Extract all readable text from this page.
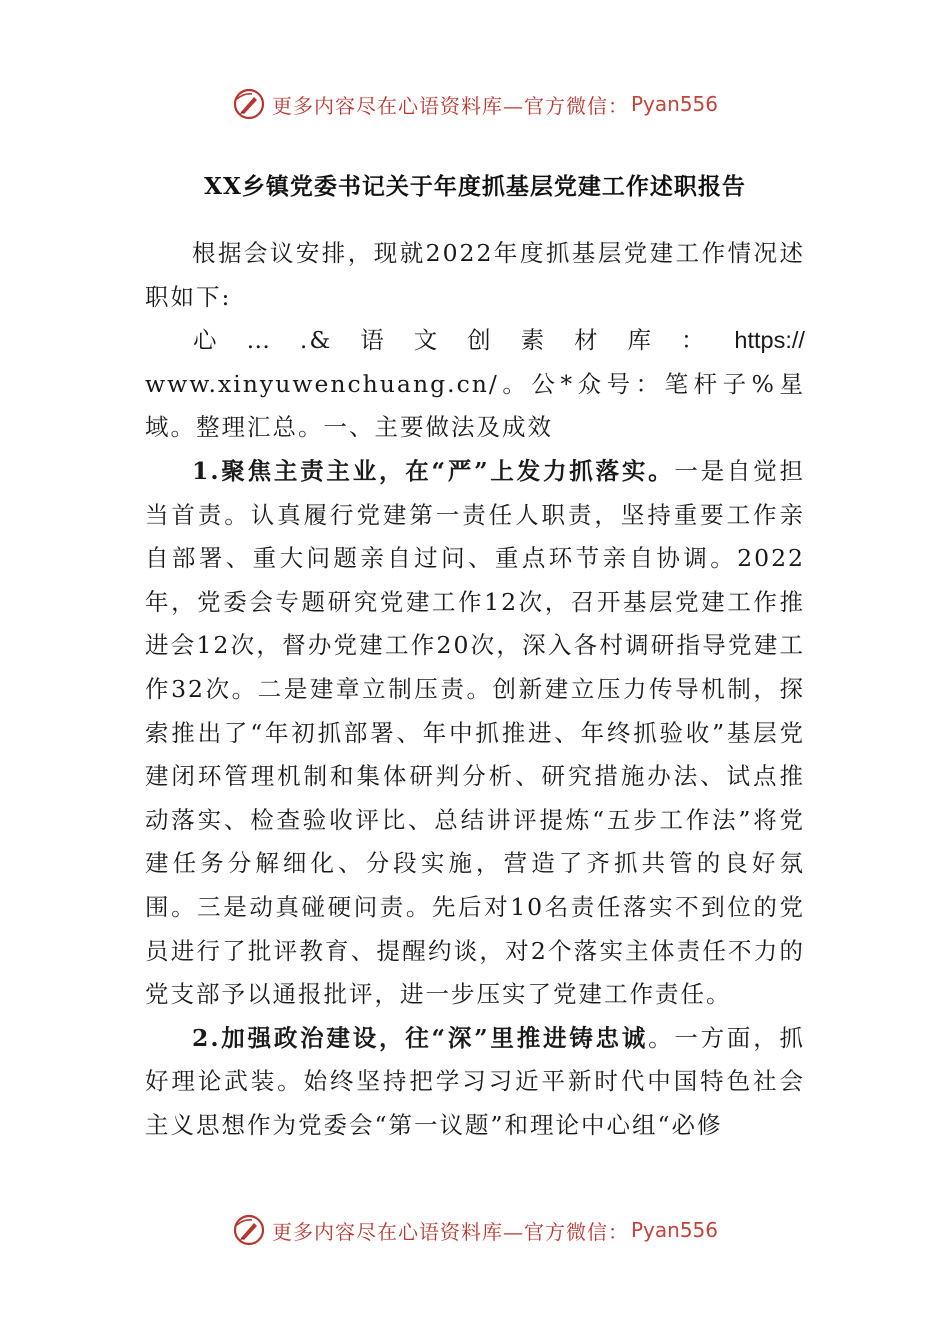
更多内容尽在心语资料库—官方微信： Pyan556
XX乡镇党委书记关于年度抓基层党建工作述职报告

根据会议安排，现就2022年度抓基层党建工作情况述职如下:

心 … .& 语 文 创 素 材 库 ： https://

www.xinyuwenchuang.cn/。公*众号：笔杆子%星域。整理汇总。一、主要做法及成效

1.聚焦主责主业，在“严”上发力抓落实。一是自觉担当首责。认真履行党建第一责任人职责，坚持重要工作亲自部署、重大问题亲自过问、重点环节亲自协调。2022年，党委会专题研究党建工作12次，召开基层党建工作推进会12次，督办党建工作20次，深入各村调研指导党建工作32次。二是建章立制压责。创新建立压力传导机制，探索推出了“年初抓部署、年中抓推进、年终抓验收”基层党建闭环管理机制和集体研判分析、研究措施办法、试点推动落实、检查验收评比、总结讲评提炼“五步工作法”将党建任务分解细化、分段实施，营造了齐抓共管的良好氛围。三是动真碰硬问责。先后对10名责任落实不到位的党员进行了批评教育、提醒约谈，对2个落实主体责任不力的党支部予以通报批评，进一步压实了党建工作责任。

2.加强政治建设，往“深”里推进铸忠诚。一方面，抓好理论武装。始终坚持把学习习近平新时代中国特色社会主义思想作为党委会“第一议题”和理论中心组“必修

更多内容尽在心语资料库—官方微信： Pyan556
